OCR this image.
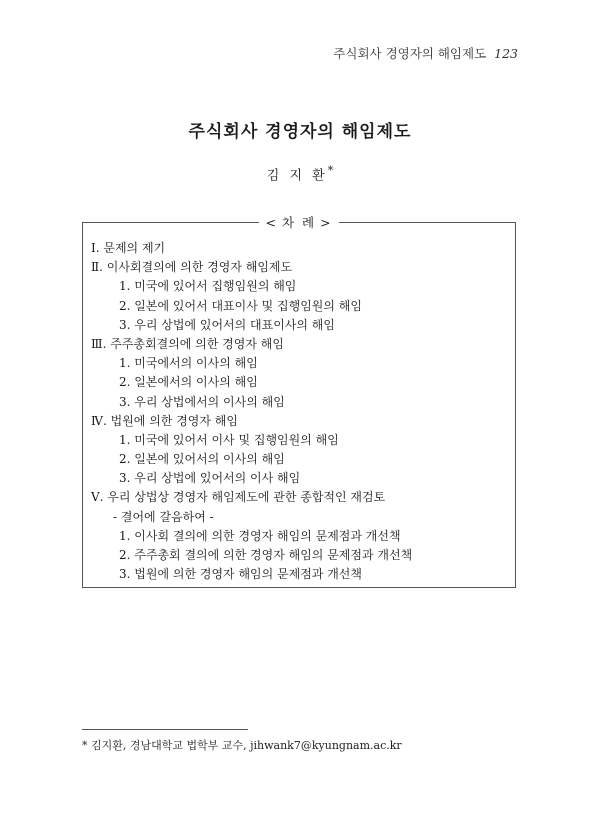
주식회사 경영자의 해임제도 123
주식회사 경영자의 해임제도
김 지 환*
< 차 례 >
Ⅰ. 문제의 제기
Ⅱ. 이사회결의에 의한 경영자 해임제도
1. 미국에 있어서 집행임원의 해임
2. 일본에 있어서 대표이사 및 집행임원의 해임
3. 우리 상법에 있어서의 대표이사의 해임
Ⅲ. 주주총회결의에 의한 경영자 해임
1. 미국에서의 이사의 해임
2. 일본에서의 이사의 해임
3. 우리 상법에서의 이사의 해임
Ⅳ. 법원에 의한 경영자 해임
1. 미국에 있어서 이사 및 집행임원의 해임
2. 일본에 있어서의 이사의 해임
3. 우리 상법에 있어서의 이사 해임
Ⅴ. 우리 상법상 경영자 해임제도에 관한 종합적인 재검토
- 결어에 갈음하여 -
1. 이사회 결의에 의한 경영자 해임의 문제점과 개선책
2. 주주총회 결의에 의한 경영자 해임의 문제점과 개선책
3. 법원에 의한 경영자 해임의 문제점과 개선책
* 김지환, 경남대학교 법학부 교수, jihwank7@kyungnam.ac.kr
